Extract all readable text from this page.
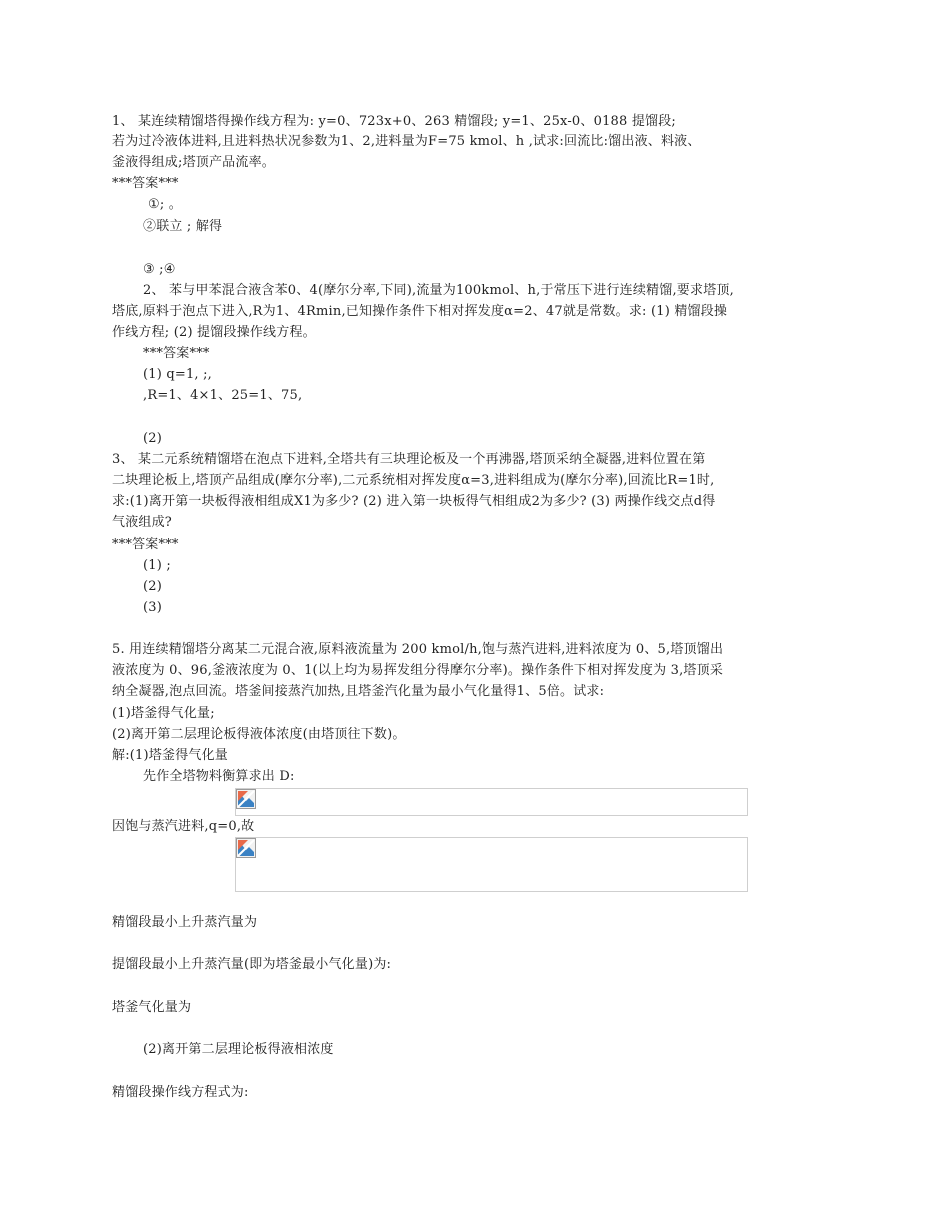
1、 某连续精馏塔得操作线方程为: y=0、723x+0、263 精馏段; y=1、25x-0、0188 提馏段;
若为过冷液体进料,且进料热状况参数为1、2,进料量为F=75 kmol、h ,试求:回流比:馏出液、料液、
釜液得组成;塔顶产品流率。
***答案***
①; 。
②联立 ; 解得
③ ;④
2、 苯与甲苯混合液含苯0、4(摩尔分率,下同),流量为100kmol、h,于常压下进行连续精馏,要求塔顶,
塔底,原料于泡点下进入,R为1、4Rmin,已知操作条件下相对挥发度α=2、47就是常数。求: (1) 精馏段操
作线方程; (2) 提馏段操作线方程。
***答案***
(1) q=1, ;,
,R=1、4×1、25=1、75,
(2)
3、 某二元系统精馏塔在泡点下进料,全塔共有三块理论板及一个再沸器,塔顶采纳全凝器,进料位置在第
二块理论板上,塔顶产品组成(摩尔分率),二元系统相对挥发度α=3,进料组成为(摩尔分率),回流比R=1时,
求:(1)离开第一块板得液相组成X1为多少? (2) 进入第一块板得气相组成2为多少? (3) 两操作线交点d得
气液组成?
***答案***
(1) ;
(2)
(3)
5. 用连续精馏塔分离某二元混合液,原料液流量为 200 kmol/h,饱与蒸汽进料,进料浓度为 0、5,塔顶馏出
液浓度为 0、96,釜液浓度为 0、1(以上均为易挥发组分得摩尔分率)。操作条件下相对挥发度为 3,塔顶采
纳全凝器,泡点回流。塔釜间接蒸汽加热,且塔釜汽化量为最小气化量得1、5倍。试求:
(1)塔釜得气化量;
(2)离开第二层理论板得液体浓度(由塔顶往下数)。
解:(1)塔釜得气化量
先作全塔物料衡算求出 D:
因饱与蒸汽进料,q=0,故
精馏段最小上升蒸汽量为
提馏段最小上升蒸汽量(即为塔釜最小气化量)为:
塔釜气化量为
(2)离开第二层理论板得液相浓度
精馏段操作线方程式为:
